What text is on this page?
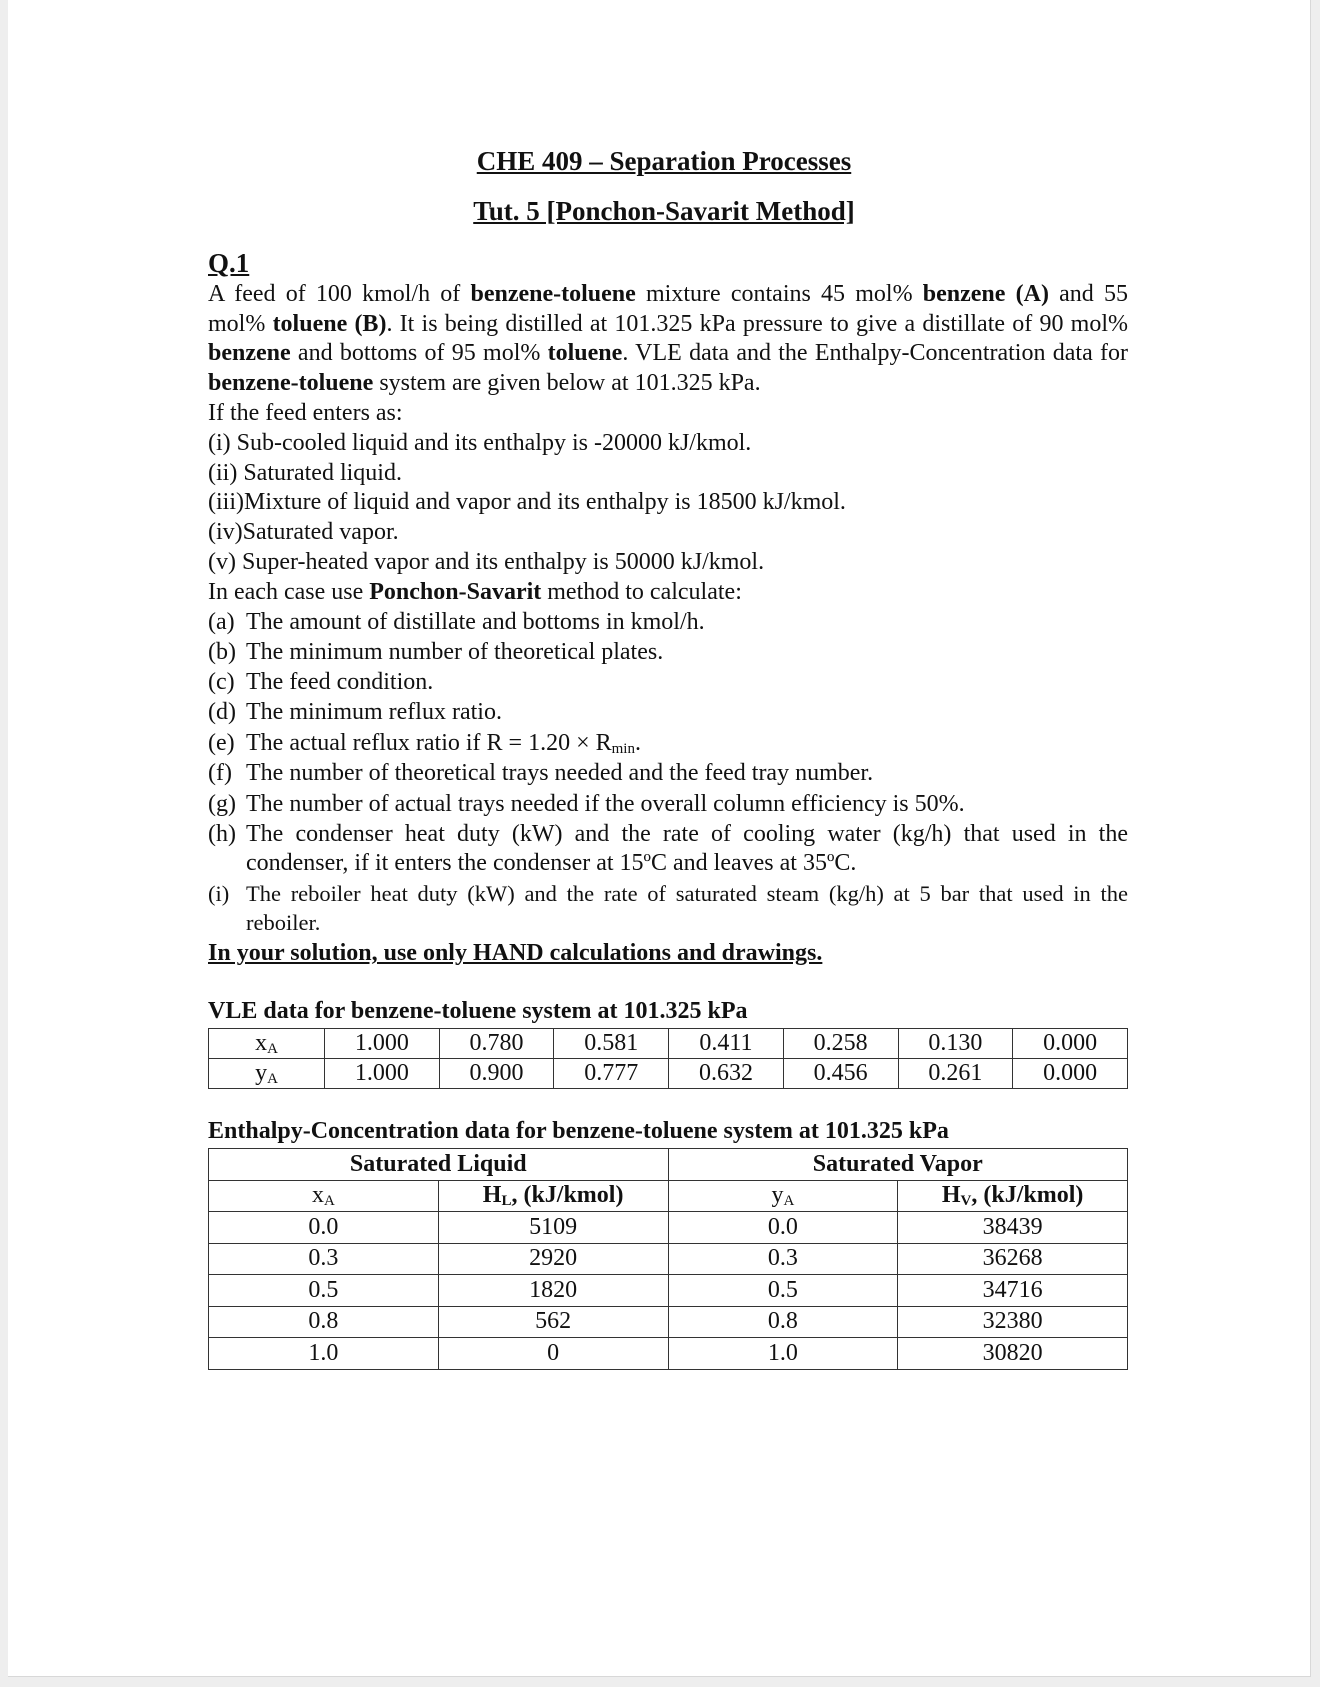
CHE 409 – Separation Processes
Tut. 5 [Ponchon-Savarit Method]
Q.1
A feed of 100 kmol/h of benzene-toluene mixture contains 45 mol% benzene (A) and 55 mol% toluene (B). It is being distilled at 101.325 kPa pressure to give a distillate of 90 mol% benzene and bottoms of 95 mol% toluene. VLE data and the Enthalpy-Concentration data for benzene-toluene system are given below at 101.325 kPa.
If the feed enters as:
(i) Sub-cooled liquid and its enthalpy is -20000 kJ/kmol.
(ii) Saturated liquid.
(iii)Mixture of liquid and vapor and its enthalpy is 18500 kJ/kmol.
(iv)Saturated vapor.
(v) Super-heated vapor and its enthalpy is 50000 kJ/kmol.
In each case use Ponchon-Savarit method to calculate:
(a) The amount of distillate and bottoms in kmol/h.
(b) The minimum number of theoretical plates.
(c) The feed condition.
(d) The minimum reflux ratio.
(e) The actual reflux ratio if $R = 1.20 \times R_{min}$.
(f) The number of theoretical trays needed and the feed tray number.
(g) The number of actual trays needed if the overall column efficiency is 50%.
(h) The condenser heat duty (kW) and the rate of cooling water (kg/h) that used in the condenser, if it enters the condenser at 15ºC and leaves at 35ºC.
(i) The reboiler heat duty (kW) and the rate of saturated steam (kg/h) at 5 bar that used in the reboiler.
In your solution, use only HAND calculations and drawings.
VLE data for benzene-toluene system at 101.325 kPa
$x_A$	1.000	0.780	0.581	0.411	0.258	0.130	0.000
$y_A$	1.000	0.900	0.777	0.632	0.456	0.261	0.000
Enthalpy-Concentration data for benzene-toluene system at 101.325 kPa
Saturated Liquid		Saturated Vapor	
$x_A$	$H_L$, (kJ/kmol)	$y_A$	$H_V$, (kJ/kmol)
0.0	5109	0.0	38439
0.3	2920	0.3	36268
0.5	1820	0.5	34716
0.8	562	0.8	32380
1.0	0	1.0	30820
